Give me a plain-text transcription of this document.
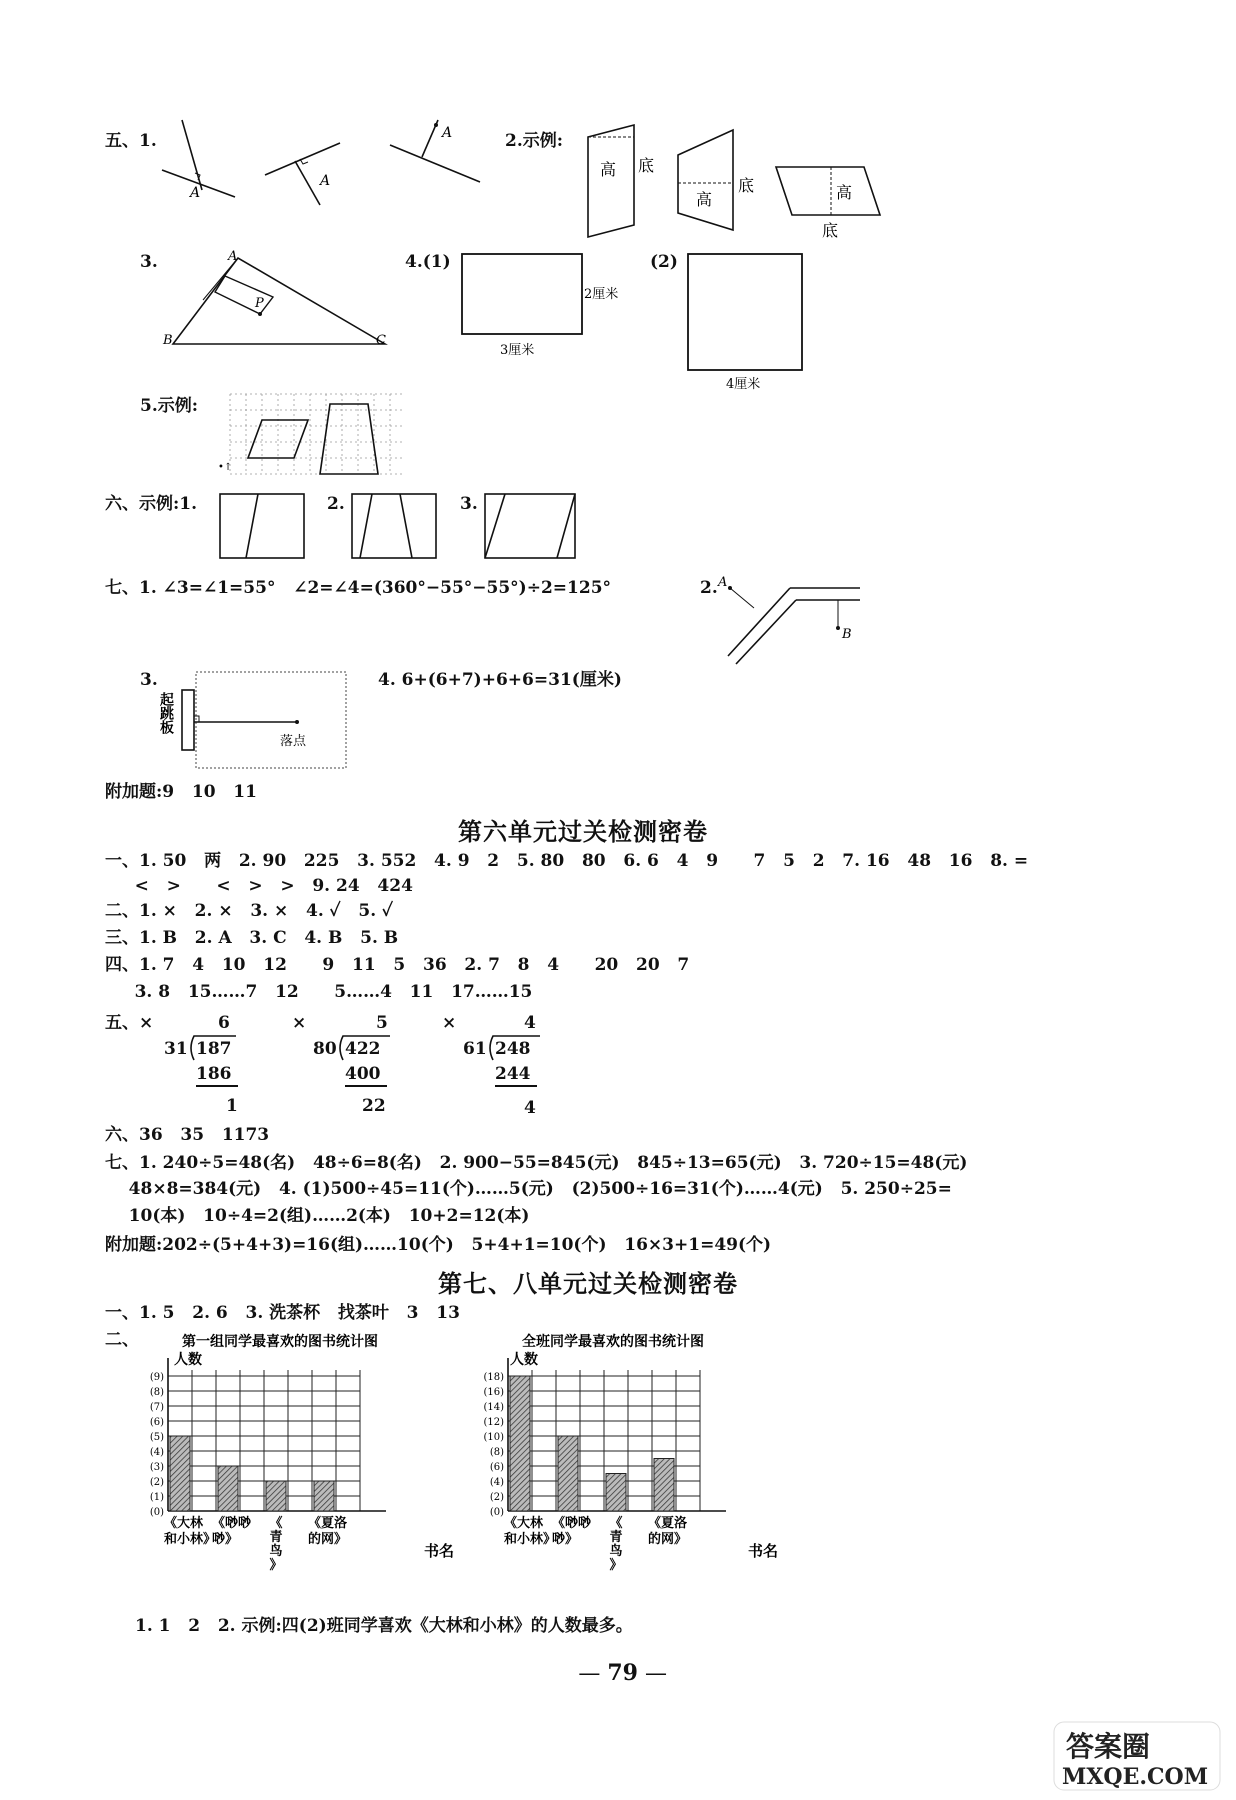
五、1.
A
A
A	2.示例:
高 底
高
底	高
底
3.	A
B	C
P
4.(1)
2厘米
3厘米
(2)
4厘米
5.示例:
•↑
六、示例:1.	2.	3.
七、1. ∠3=∠1=55°   ∠2=∠4=(360°−55°−55°)÷2=125°	2. A
B
3.
起跳板
落点
4. 6+(6+7)+6+6=31(厘米)
附加题:9   10   11
第六单元过关检测密卷
一、1. 50   两   2. 90   225   3. 552   4. 9   2   5. 80   80   6. 6   4   9      7   5   2   7. 16   48   16   8. =
<   >      <   >   >   9. 24   424
二、1. ×   2. ×   3. ×   4. ✓   5. ✓
三、1. B   2. A   3. C   4. B   5. B
四、1. 7   4   10   12      9   11   5   36   2. 7   8   4      20   20   7
3. 8   15……7   12      5……4   11   17……15
五、×	6
31 187
186
1
×	5
80 422
400
22
×	4
61 248
244
4
六、36   35   1173
七、1. 240÷5=48(名)   48÷6=8(名)   2. 900−55=845(元)   845÷13=65(元)   3. 720÷15=48(元)
48×8=384(元)   4. (1)500÷45=11(个)……5(元)   (2)500÷16=31(个)……4(元)   5. 250÷25=
10(本)   10÷4=2(组)……2(本)   10+2=12(本)
附加题:202÷(5+4+3)=16(组)……10(个)   5+4+1=10(个)   16×3+1=49(个)
第七、八单元过关检测密卷
一、1. 5   2. 6   3. 洗茶杯   找茶叶   3   13
二、	第一组同学最喜欢的图书统计图
人数
书名
(0)
(1)
(2)
(3)
(4)
(5)
(6)
(7)
(8)
(9)
《大林
和小林》
《唦唦
唦》
《
青
鸟
》
《夏洛
的网》
全班同学最喜欢的图书统计图
人数
书名
(0)
(2)
(4)
(6)
(8)
(10)
(12)
(14)
(16)
(18)
《大林
和小林》
《唦唦
唦》
《
青
鸟
》
《夏洛
的网》
1. 1   2   2. 示例:四(2)班同学喜欢《大林和小林》的人数最多。

— 79 —

答案圈
MXQE.COM
